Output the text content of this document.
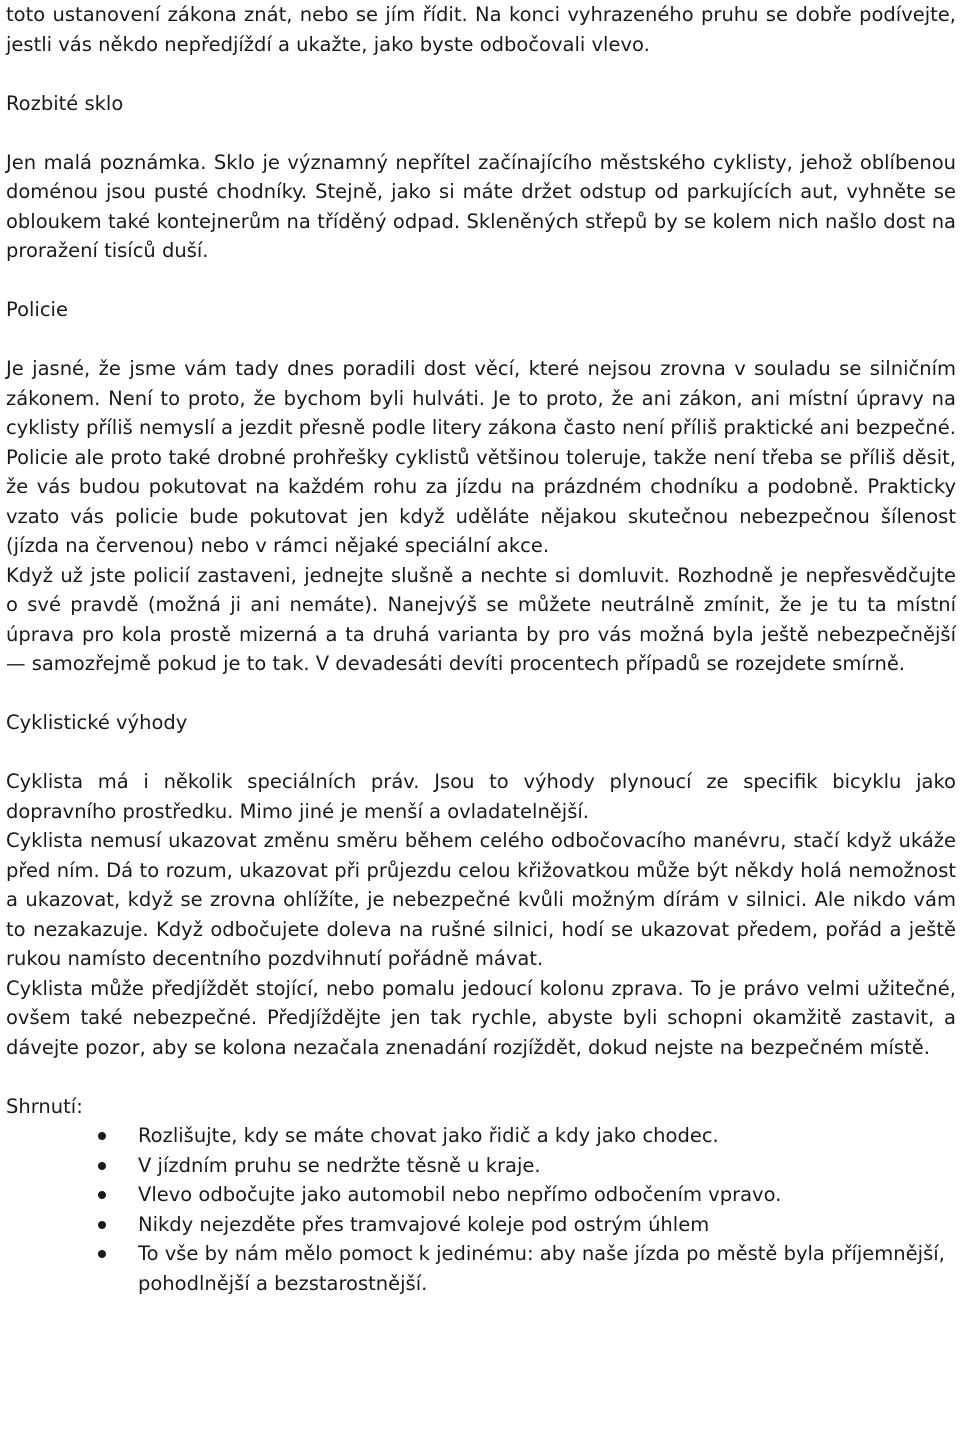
toto ustanovení zákona znát, nebo se jím řídit. Na konci vyhrazeného pruhu se dobře podívejte, jestli vás někdo nepředjíždí a ukažte, jako byste odbočovali vlevo.

Rozbité sklo

Jen malá poznámka. Sklo je významný nepřítel začínajícího městského cyklisty, jehož oblíbenou doménou jsou pusté chodníky. Stejně, jako si máte držet odstup od parkujících aut, vyhněte se obloukem také kontejnerům na tříděný odpad. Skleněných střepů by se kolem nich našlo dost na proražení tisíců duší.

Policie

Je jasné, že jsme vám tady dnes poradili dost věcí, které nejsou zrovna v souladu se silničním zákonem. Není to proto, že bychom byli hulváti. Je to proto, že ani zákon, ani místní úpravy na cyklisty příliš nemyslí a jezdit přesně podle litery zákona často není příliš praktické ani bezpečné. Policie ale proto také drobné prohřešky cyklistů většinou toleruje, takže není třeba se příliš děsit, že vás budou pokutovat na každém rohu za jízdu na prázdném chodníku a podobně. Prakticky vzato vás policie bude pokutovat jen když uděláte nějakou skutečnou nebezpečnou šílenost (jízda na červenou) nebo v rámci nějaké speciální akce.

Když už jste policií zastaveni, jednejte slušně a nechte si domluvit. Rozhodně je nepřesvědčujte o své pravdě (možná ji ani nemáte). Nanejvýš se můžete neutrálně zmínit, že je tu ta místní úprava pro kola prostě mizerná a ta druhá varianta by pro vás možná byla ještě nebezpečnější — samozřejmě pokud je to tak. V devadesáti devíti procentech případů se rozejdete smírně.

Cyklistické výhody

Cyklista má i několik speciálních práv. Jsou to výhody plynoucí ze specifik bicyklu jako dopravního prostředku. Mimo jiné je menší a ovladatelnější.

Cyklista nemusí ukazovat změnu směru během celého odbočovacího manévru, stačí když ukáže před ním. Dá to rozum, ukazovat při průjezdu celou křižovatkou může být někdy holá nemožnost a ukazovat, když se zrovna ohlížíte, je nebezpečné kvůli možným dírám v silnici. Ale nikdo vám to nezakazuje. Když odbočujete doleva na rušné silnici, hodí se ukazovat předem, pořád a ještě rukou namísto decentního pozdvihnutí pořádně mávat.

Cyklista může předjíždět stojící, nebo pomalu jedoucí kolonu zprava. To je právo velmi užitečné, ovšem také nebezpečné. Předjíždějte jen tak rychle, abyste byli schopni okamžitě zastavit, a dávejte pozor, aby se kolona nezačala znenadání rozjíždět, dokud nejste na bezpečném místě.

Shrnutí:

Rozlišujte, kdy se máte chovat jako řidič a kdy jako chodec.
V jízdním pruhu se nedržte těsně u kraje.
Vlevo odbočujte jako automobil nebo nepřímo odbočením vpravo.
Nikdy nejezděte přes tramvajové koleje pod ostrým úhlem
To vše by nám mělo pomoct k jedinému: aby naše jízda po městě byla příjemnější, pohodlnější a bezstarostnější.
